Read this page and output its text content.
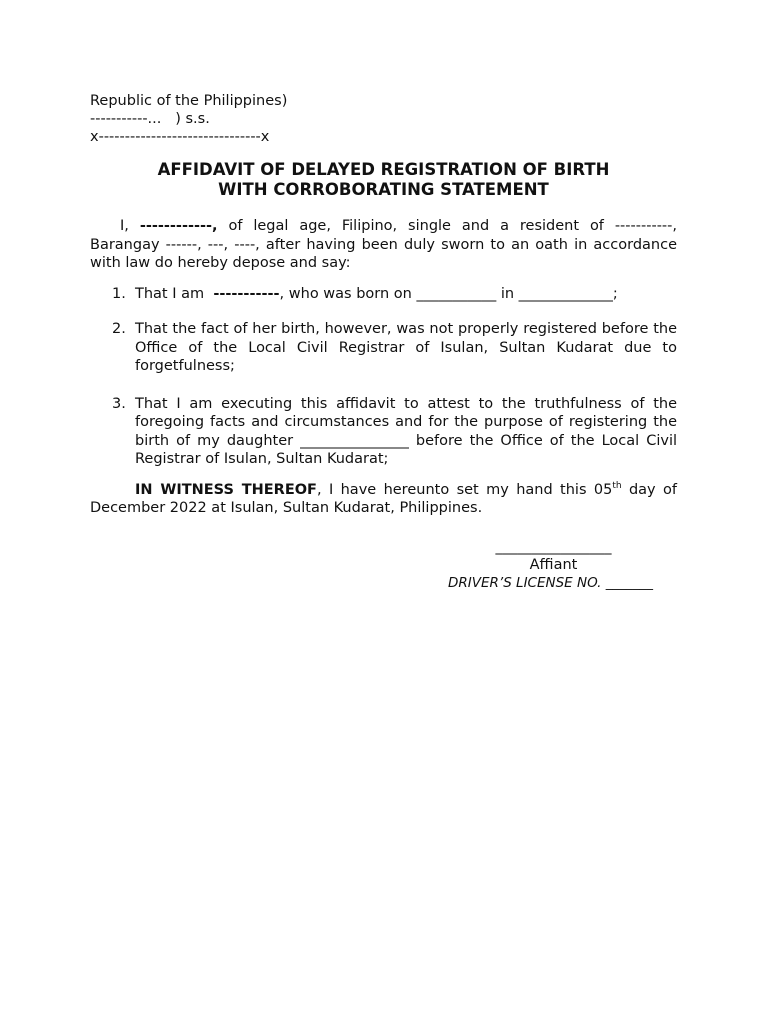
Republic of the Philippines)
-----------...   ) s.s.
x-------------------------------x
AFFIDAVIT OF DELAYED REGISTRATION OF BIRTH
WITH CORROBORATING STATEMENT
I, ------------, of legal age, Filipino, single and a resident of -----------, Barangay ------, ---, ----, after having been duly sworn to an oath in accordance with law do hereby depose and say:
1. That I am  -----------, who was born on ___________ in _____________;
2. That the fact of her birth, however, was not properly registered before the Office of the Local Civil Registrar of Isulan, Sultan Kudarat due to forgetfulness;
3. That I am executing this affidavit to attest to the truthfulness of the foregoing facts and circumstances and for the purpose of registering the birth of my daughter _______________ before the Office of the Local Civil Registrar of Isulan, Sultan Kudarat;
IN WITNESS THEREOF, I have hereunto set my hand this 05th day of December 2022 at Isulan, Sultan Kudarat, Philippines.
________________
Affiant
DRIVER’S LICENSE NO. _______
